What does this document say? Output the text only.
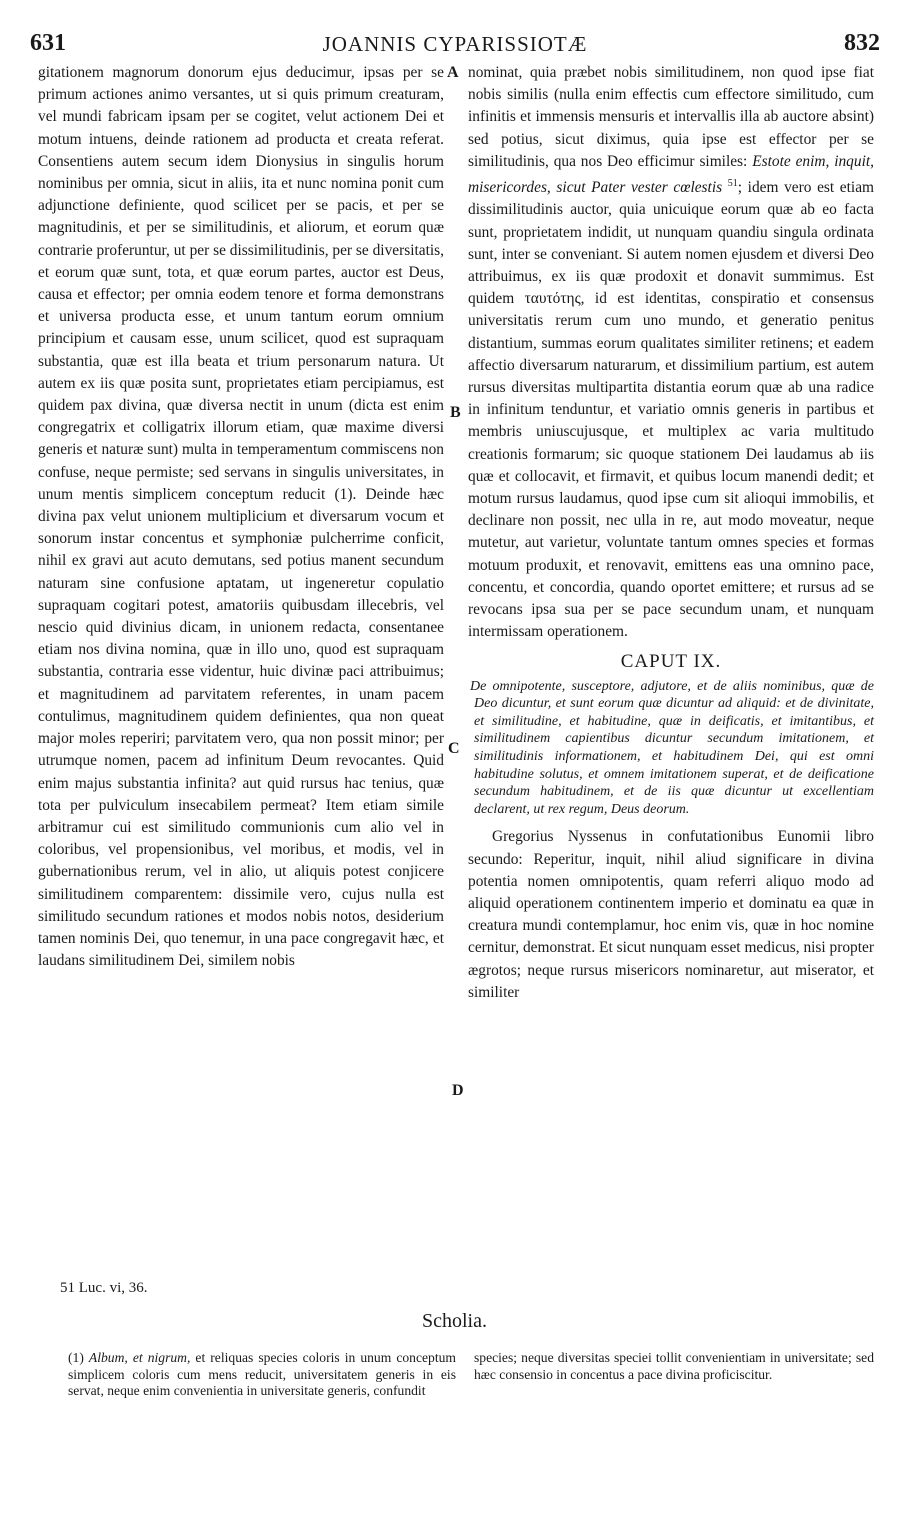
631	JOANNIS CYPARISSIOTÆ	832
A
B
C
D

gitationem magnorum donorum ejus deducimur, ipsas per se primum actiones animo versantes, ut si quis primum creaturam, vel mundi fabricam ipsam per se cogitet, velut actionem Dei et motum intuens, deinde rationem ad producta et creata referat. Consentiens autem secum idem Dionysius in singulis horum nominibus per omnia, sicut in aliis, ita et nunc nomina ponit cum adjunctione definiente, quod scilicet per se pacis, et per se magnitudinis, et per se similitudinis, et aliorum, et eorum quæ contrarie proferuntur, ut per se dissimilitudinis, per se diversitatis, et eorum quæ sunt, tota, et quæ eorum partes, auctor est Deus, causa et effector; per omnia eodem tenore et forma demonstrans et universa producta esse, et unum tantum eorum omnium principium et causam esse, unum scilicet, quod est supraquam substantia, quæ est illa beata et trium personarum natura. Ut autem ex iis quæ posita sunt, proprietates etiam percipiamus, est quidem pax divina, quæ diversa nectit in unum (dicta est enim congregatrix et colligatrix illorum etiam, quæ maxime diversi generis et naturæ sunt) multa in temperamentum commiscens non confuse, neque permiste; sed servans in singulis universitates, in unum mentis simplicem conceptum reducit (1). Deinde hæc divina pax velut unionem multiplicium et diversarum vocum et sonorum instar concentus et symphoniæ pulcherrime conficit, nihil ex gravi aut acuto demutans, sed potius manent secundum naturam sine confusione aptatam, ut ingeneretur copulatio supraquam cogitari potest, amatoriis quibusdam illecebris, vel nescio quid divinius dicam, in unionem redacta, consentanee etiam nos divina nomina, quæ in illo uno, quod est supraquam substantia, contraria esse videntur, huic divinæ paci attribuimus; et magnitudinem ad parvitatem referentes, in unam pacem contulimus, magnitudinem quidem definientes, qua non queat major moles reperiri; parvitatem vero, qua non possit minor; per utrumque nomen, pacem ad infinitum Deum revocantes. Quid enim majus substantia infinita? aut quid rursus hac tenius, quæ tota per pulviculum insecabilem permeat? Item etiam simile arbitramur cui est similitudo communionis cum alio vel in coloribus, vel propensionibus, vel moribus, et modis, vel in gubernationibus rerum, vel in alio, ut aliquis potest conjicere similitudinem comparentem: dissimile vero, cujus nulla est similitudo secundum rationes et modos nobis notos, desiderium tamen nominis Dei, quo tenemur, in una pace congregavit hæc, et laudans similitudinem Dei, similem nobis

nominat, quia præbet nobis similitudinem, non quod ipse fiat nobis similis (nulla enim effectis cum effectore similitudo, cum infinitis et immensis mensuris et intervallis illa ab auctore absint) sed potius, sicut diximus, quia ipse est effector per se similitudinis, qua nos Deo efficimur similes: Estote enim, inquit, misericordes, sicut Pater vester cœlestis $^{51}$; idem vero est etiam dissimilitudinis auctor, quia unicuique eorum quæ ab eo facta sunt, proprietatem indidit, ut nunquam quandiu singula ordinata sunt, inter se conveniant. Si autem nomen ejusdem et diversi Deo attribuimus, ex iis quæ prodoxit et donavit summimus. Est quidem ταυτότης, id est identitas, conspiratio et consensus universitatis rerum cum uno mundo, et generatio penitus distantium, summas eorum qualitates similiter retinens; et eadem affectio diversarum naturarum, et dissimilium partium, est autem rursus diversitas multipartita distantia eorum quæ ab una radice in infinitum tenduntur, et variatio omnis generis in partibus et membris uniuscujusque, et multiplex ac varia multitudo creationis formarum; sic quoque stationem Dei laudamus ab iis quæ et collocavit, et firmavit, et quibus locum manendi dedit; et motum rursus laudamus, quod ipse cum sit alioqui immobilis, et declinare non possit, nec ulla in re, aut modo moveatur, neque mutetur, aut varietur, voluntate tantum omnes species et formas motuum produxit, et renovavit, emittens eas una omnino pace, concentu, et concordia, quando oportet emittere; et rursus ad se revocans ipsa sua per se pace secundum unam, et nunquam intermissam operationem.

CAPUT IX.
De omnipotente, susceptore, adjutore, et de aliis nominibus, quæ de Deo dicuntur, et sunt eorum quæ dicuntur ad aliquid: et de divinitate, et similitudine, et habitudine, quæ in deificatis, et imitantibus, et similitudinem capientibus dicuntur secundum imitationem, et similitudinis informationem, et habitudinem Dei, qui est omni habitudine solutus, et omnem imitationem superat, et de deificatione secundum habitudinem, et de iis quæ dicuntur ut excellentiam declarent, ut rex regum, Deus deorum.

Gregorius Nyssenus in confutationibus Eunomii libro secundo: Reperitur, inquit, nihil aliud significare in divina potentia nomen omnipotentis, quam referri aliquo modo ad aliquid operationem continentem imperio et dominatu ea quæ in creatura mundi contemplamur, hoc enim vis, quæ in hoc nomine cernitur, demonstrat. Et sicut nunquam esset medicus, nisi propter ægrotos; neque rursus misericors nominaretur, aut miserator, et similiter

51 Luc. vi, 36.
Scholia.
(1) Album, et nigrum, et reliquas species coloris in unum conceptum simplicem coloris cum mens reducit, universitatem generis in eis servat, neque enim convenientia in universitate generis, confundit
species; neque diversitas speciei tollit convenientiam in universitate; sed hæc consensio in concentus a pace divina proficiscitur.
